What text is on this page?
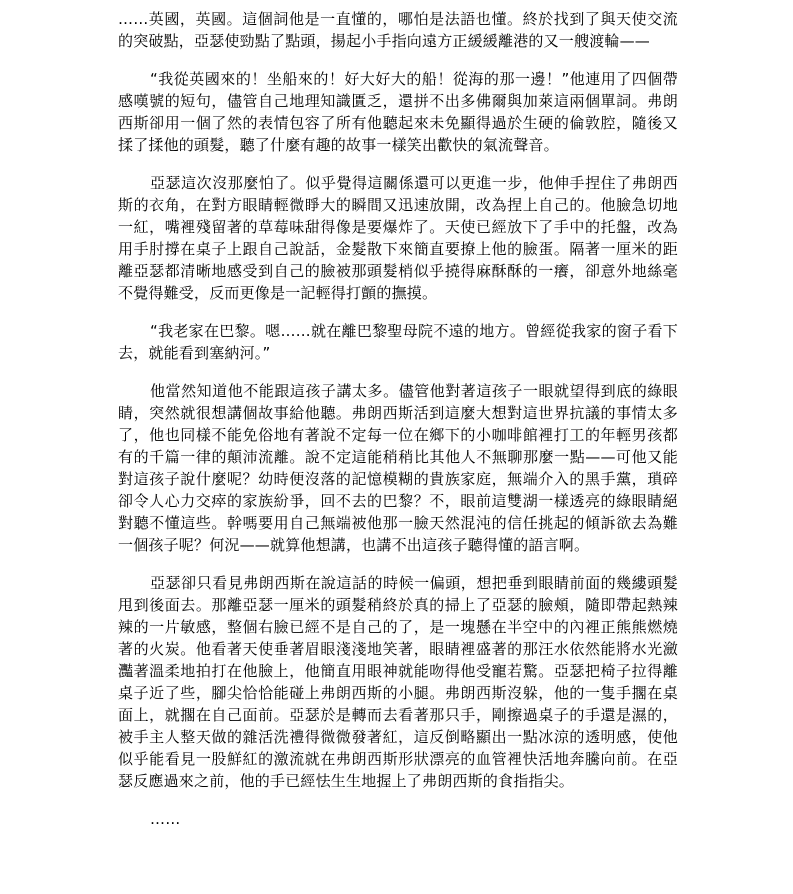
……英國，英國。這個詞他是一直懂的，哪怕是法語也懂。終於找到了與天使交流的突破點，亞瑟使勁點了點頭，揚起小手指向遠方正緩緩離港的又一艘渡輪——

“我從英國來的！坐船來的！好大好大的船！從海的那一邊！”他連用了四個帶感嘆號的短句，儘管自己地理知識匱乏，還拼不出多佛爾與加萊這兩個單詞。弗朗西斯卻用一個了然的表情包容了所有他聽起來未免顯得過於生硬的倫敦腔，隨後又揉了揉他的頭髮，聽了什麼有趣的故事一樣笑出歡快的氣流聲音。

亞瑟這次沒那麼怕了。似乎覺得這關係還可以更進一步，他伸手捏住了弗朗西斯的衣角，在對方眼睛輕微睜大的瞬間又迅速放開，改為捏上自己的。他臉急切地一紅，嘴裡殘留著的草莓味甜得像是要爆炸了。天使已經放下了手中的托盤，改為用手肘撐在桌子上跟自己說話，金髮散下來簡直要撩上他的臉蛋。隔著一厘米的距離亞瑟都清晰地感受到自己的臉被那頭髮梢似乎撓得麻酥酥的一癢，卻意外地絲毫不覺得難受，反而更像是一記輕得打顫的撫摸。

“我老家在巴黎。嗯……就在離巴黎聖母院不遠的地方。曾經從我家的窗子看下去，就能看到塞納河。”

他當然知道他不能跟這孩子講太多。儘管他對著這孩子一眼就望得到底的綠眼睛，突然就很想講個故事給他聽。弗朗西斯活到這麼大想對這世界抗議的事情太多了，他也同樣不能免俗地有著說不定每一位在鄉下的小咖啡館裡打工的年輕男孩都有的千篇一律的顛沛流離。說不定這能稍稍比其他人不無聊那麼一點——可他又能對這孩子說什麼呢？幼時便沒落的記憶模糊的貴族家庭，無端介入的黑手黨，瑣碎卻令人心力交瘁的家族紛爭，回不去的巴黎？不，眼前這雙湖一樣透亮的綠眼睛絕對聽不懂這些。幹嗎要用自己無端被他那一臉天然混沌的信任挑起的傾訴欲去為難一個孩子呢？何況——就算他想講，也講不出這孩子聽得懂的語言啊。

亞瑟卻只看見弗朗西斯在說這話的時候一偏頭，想把垂到眼睛前面的幾縷頭髮甩到後面去。那離亞瑟一厘米的頭髮稍終於真的掃上了亞瑟的臉頰，隨即帶起熱辣辣的一片敏感，整個右臉已經不是自己的了，是一塊懸在半空中的內裡正熊熊燃燒著的火炭。他看著天使垂著眉眼淺淺地笑著，眼睛裡盛著的那汪水依然能將水光瀲灩著溫柔地拍打在他臉上，他簡直用眼神就能吻得他受寵若驚。亞瑟把椅子拉得離桌子近了些，腳尖恰恰能碰上弗朗西斯的小腿。弗朗西斯沒躲，他的一隻手擱在桌面上，就擱在自己面前。亞瑟於是轉而去看著那只手，剛擦過桌子的手還是濕的，被手主人整天做的雜活洗禮得微微發著紅，這反倒略顯出一點冰涼的透明感，使他似乎能看見一股鮮紅的激流就在弗朗西斯形狀漂亮的血管裡快活地奔騰向前。在亞瑟反應過來之前，他的手已經怯生生地握上了弗朗西斯的食指指尖。

……
